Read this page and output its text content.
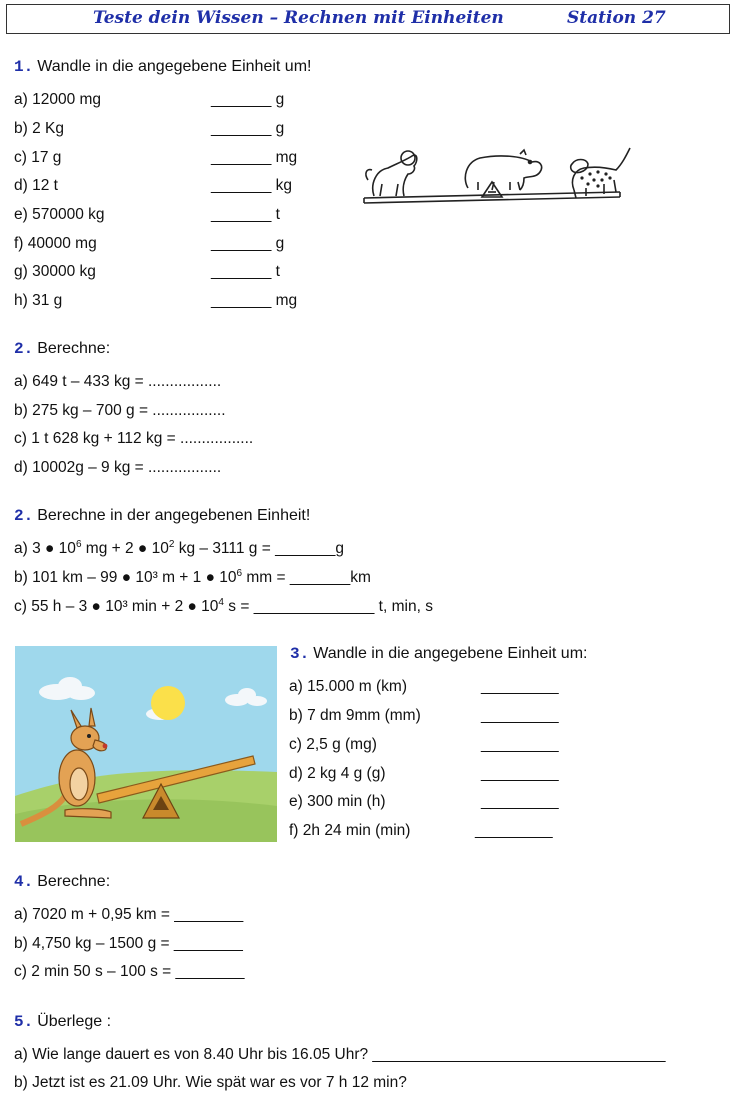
Teste dein Wissen – Rechnen mit Einheiten	Station 27
1. Wandle in die angegebene Einheit um!
a) 12000 mg	_______ g
b) 2 Kg	_______ g
c) 17 g	_______ mg
d) 12 t	_______ kg
e) 570000 kg	_______ t
f) 40000 mg	_______ g
g) 30000 kg	_______ t
h) 31 g	_______ mg
2. Berechne:
a) 649 t – 433 kg = .................
b) 275 kg – 700 g = .................
c) 1 t 628 kg + 112 kg = .................
d) 10002g – 9 kg = .................
2. Berechne in der angegebenen Einheit!
a) 3 ● $10^6$ mg + 2 ● $10^2$ kg – 3111 g = _______g
b) 101 km – 99 ● 10³ m + 1 ● $10^6$ mm = _______km
c) 55 h – 3 ● 10³ min + 2 ● $10^4$ s = ______________ t, min, s
3. Wandle in die angegebene Einheit um:
a) 15.000 m (km)	_________
b) 7 dm 9mm (mm)	_________
c) 2,5 g (mg)	_________
d) 2 kg 4 g (g)	_________
e) 300 min (h)	_________
f) 2h 24 min (min)	_________
4. Berechne:
a) 7020 m + 0,95 km = ________
b) 4,750 kg – 1500 g = ________
c) 2 min 50 s – 100 s = ________
5. Überlege :
a) Wie lange dauert es von 8.40 Uhr bis 16.05 Uhr? __________________________________
b) Jetzt ist es 21.09 Uhr. Wie spät war es vor 7 h 12 min?
